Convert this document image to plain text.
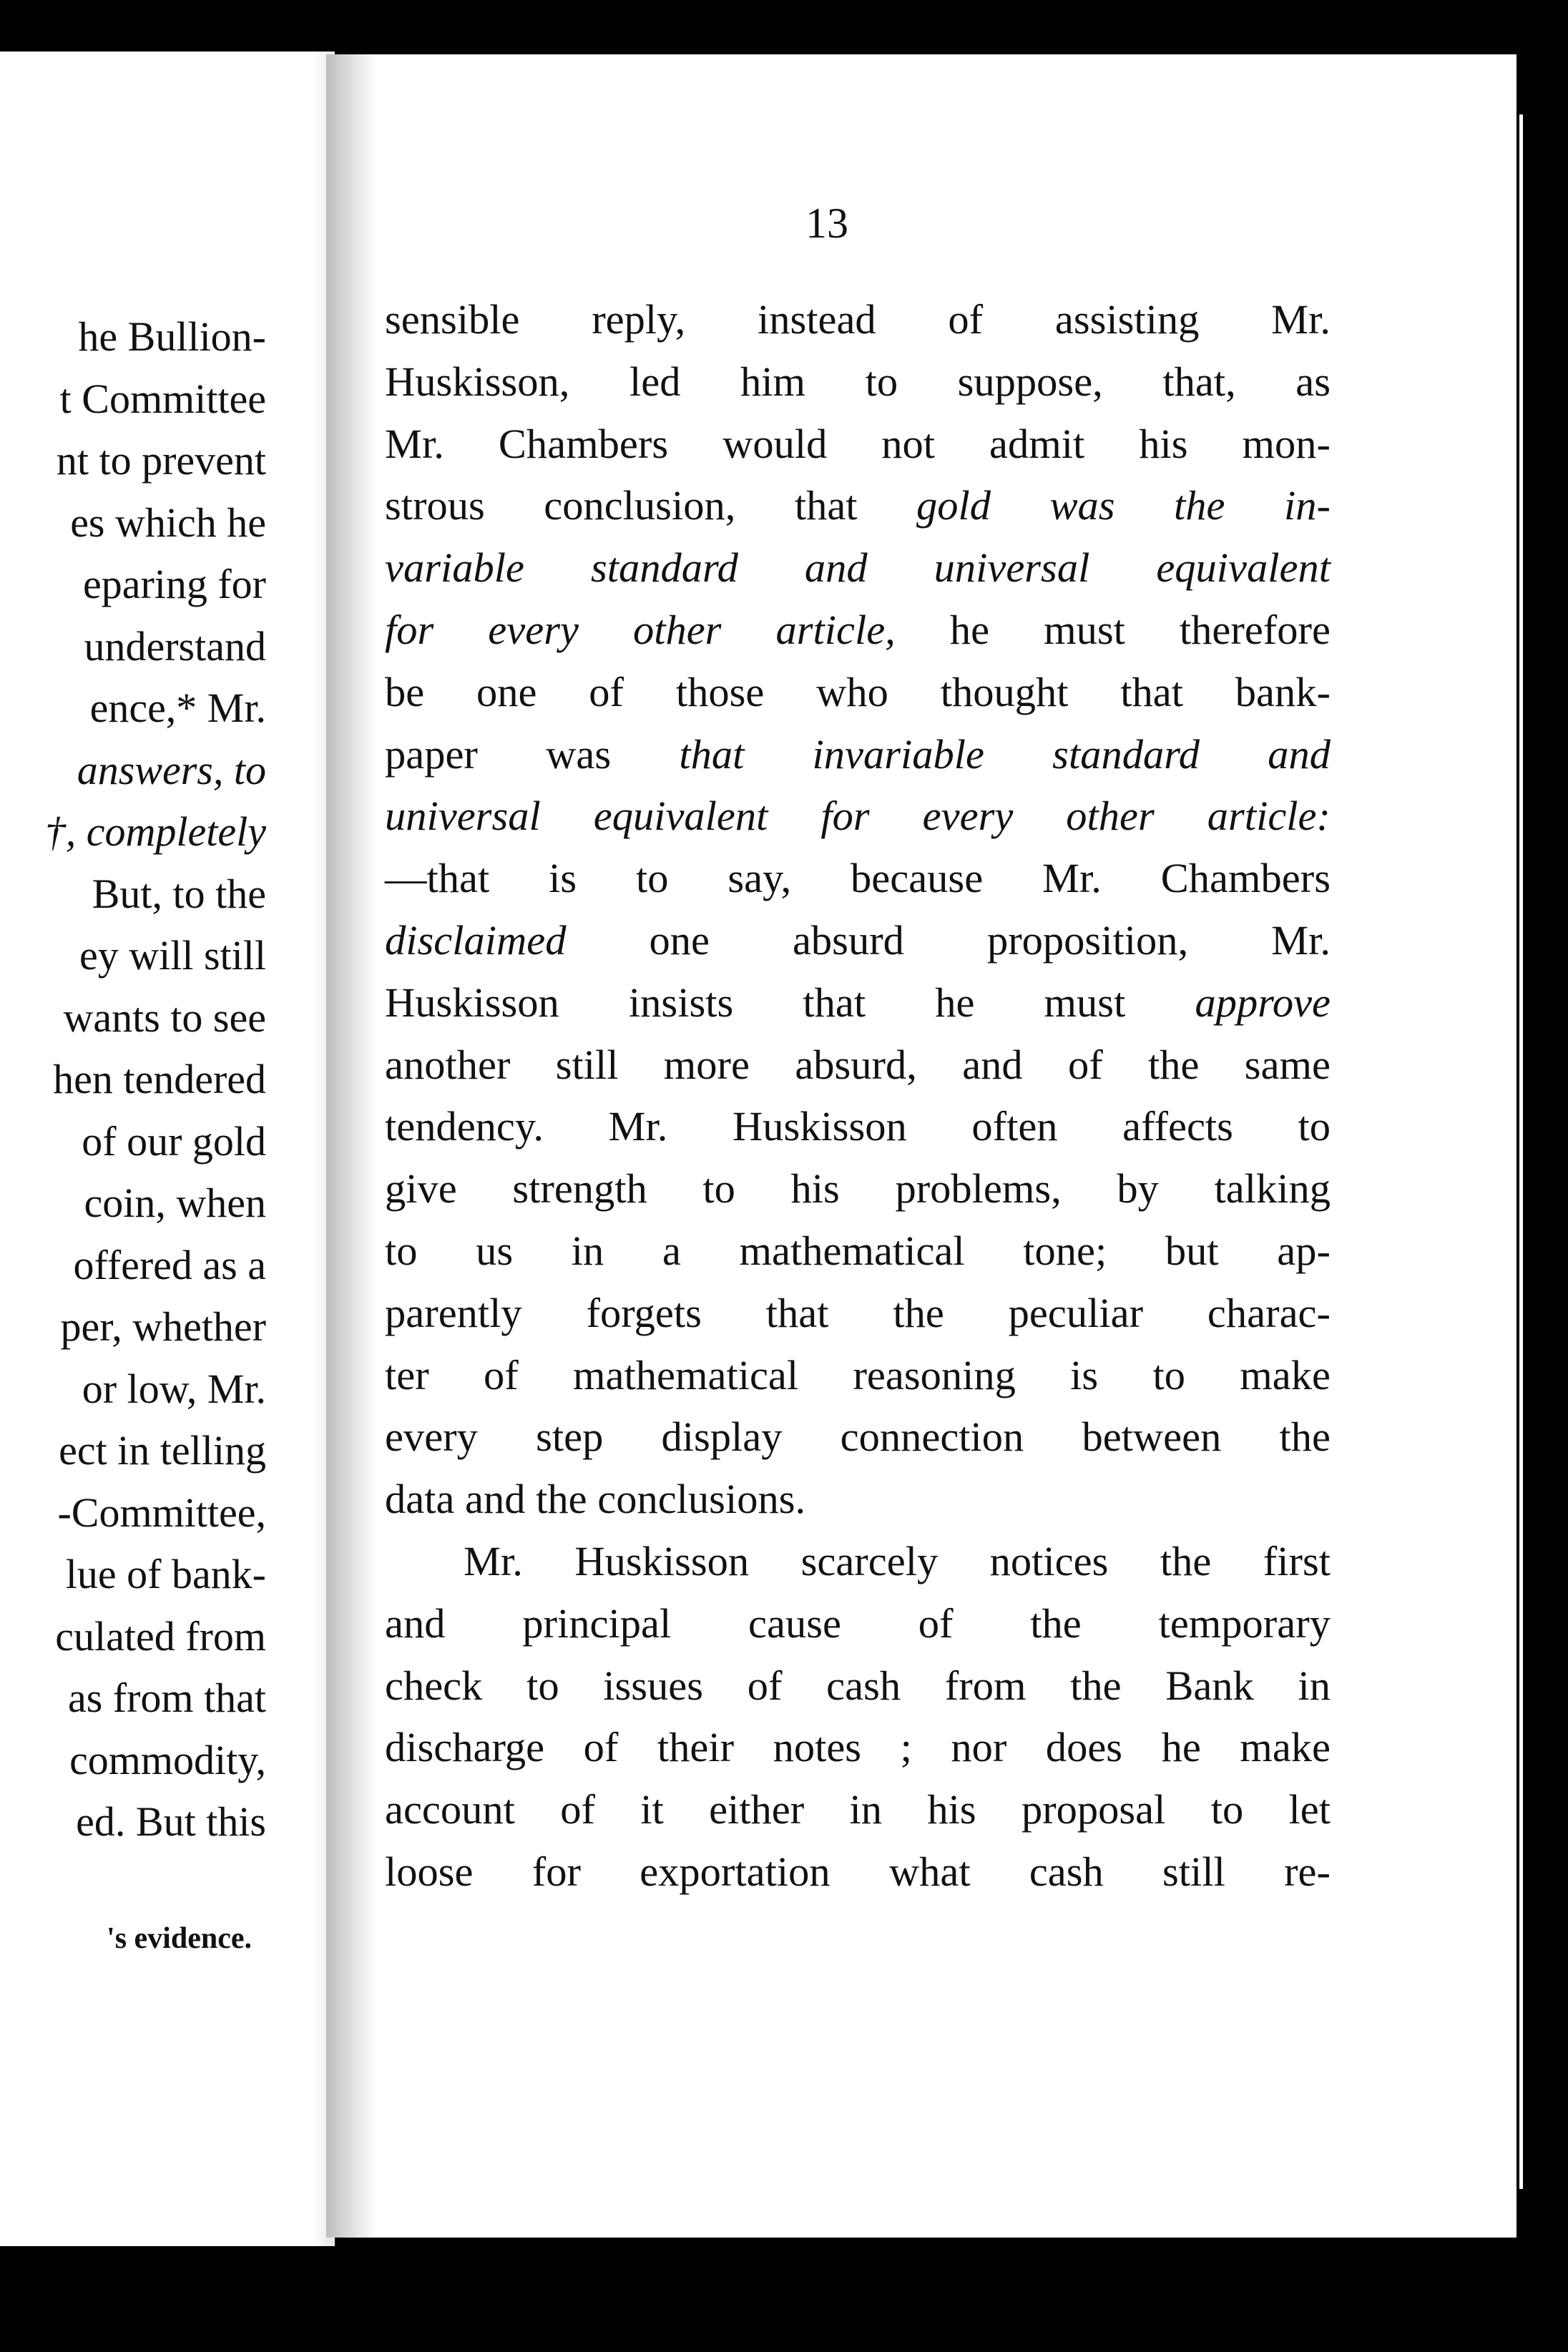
he Bullion-
t Committee
nt to prevent
es which he
eparing for
understand
ence,* Mr.
answers, to
†, completely
But, to the
ey will still
wants to see
hen tendered
of our gold
coin, when
offered as a
per, whether
or low, Mr.
ect in telling
-Committee,
lue of bank-
culated from
as from that
commodity,
ed. But this
's evidence.
13
sensible reply, instead of assisting Mr.
Huskisson, led him to suppose, that, as
Mr. Chambers would not admit his mon-
strous conclusion, that gold was the in-
variable standard and universal equivalent
for every other article, he must therefore
be one of those who thought that bank-
paper was that invariable standard and
universal equivalent for every other article:
—that is to say, because Mr. Chambers
disclaimed one absurd proposition, Mr.
Huskisson insists that he must approve
another still more absurd, and of the same
tendency. Mr. Huskisson often affects to
give strength to his problems, by talking
to us in a mathematical tone; but ap-
parently forgets that the peculiar charac-
ter of mathematical reasoning is to make
every step display connection between the
data and the conclusions.
Mr. Huskisson scarcely notices the first
and principal cause of the temporary
check to issues of cash from the Bank in
discharge of their notes ; nor does he make
account of it either in his proposal to let
loose for exportation what cash still re-
